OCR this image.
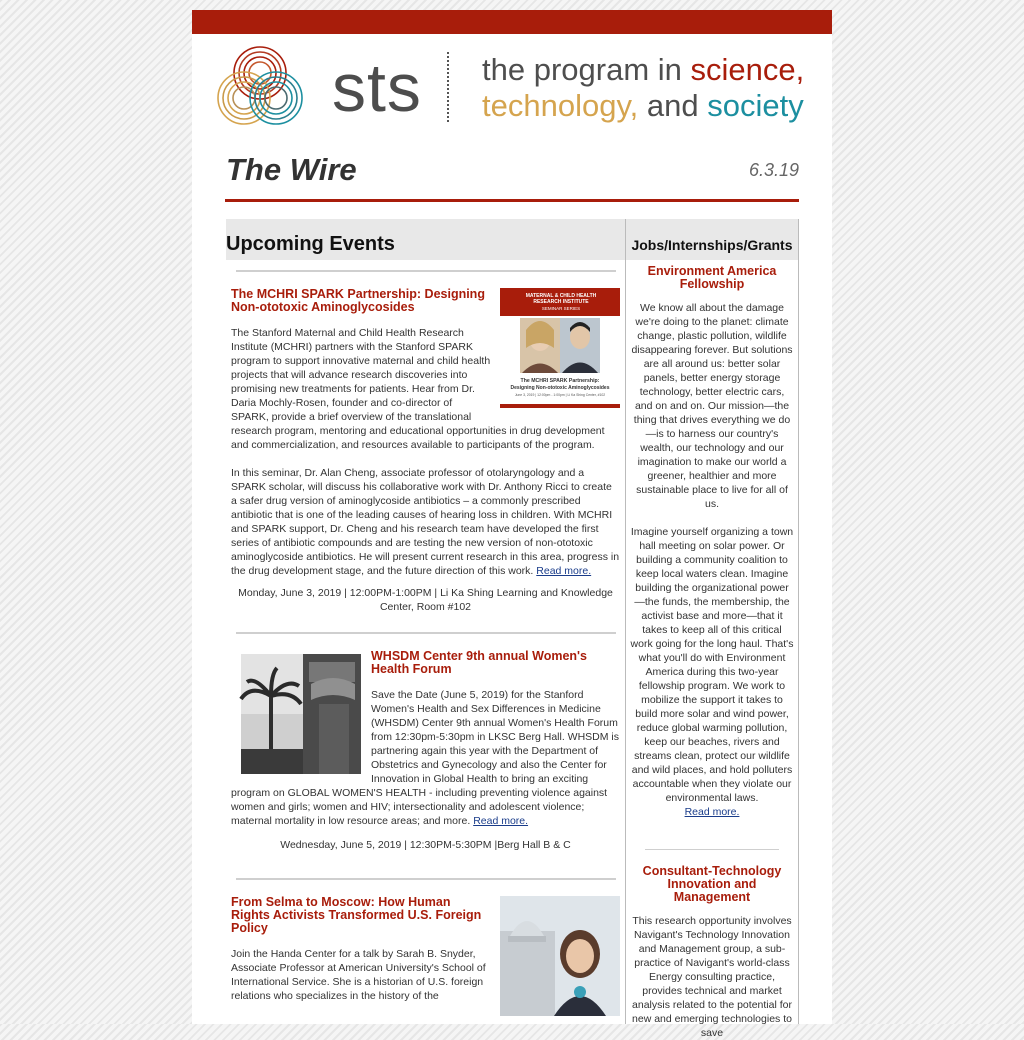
sts the program in science,
technology, and society
The Wire	6.3.19
Upcoming Events
MATERNAL & CHILD HEALTH
RESEARCH INSTITUTE
SEMINAR SERIES
The MCHRI SPARK Partnership:
Designing Non-ototoxic Aminoglycosides
June 3, 2019 | 12:00pm - 1:00pm | Li Ka Shing Center, #102
The MCHRI SPARK Partnership: Designing Non-ototoxic Aminoglycosides

The Stanford Maternal and Child Health Research Institute (MCHRI) partners with the Stanford SPARK program to support innovative maternal and child health projects that will advance research discoveries into promising new treatments for patients. Hear from Dr. Daria Mochly-Rosen, founder and co-director of SPARK, provide a brief overview of the translational research program, mentoring and educational opportunities in drug development and commercialization, and resources available to participants of the program.

In this seminar, Dr. Alan Cheng, associate professor of otolaryngology and a SPARK scholar, will discuss his collaborative work with Dr. Anthony Ricci to create a safer drug version of aminoglycoside antibiotics – a commonly prescribed antibiotic that is one of the leading causes of hearing loss in children. With MCHRI and SPARK support, Dr. Cheng and his research team have developed the first series of antibiotic compounds and are testing the new version of non-ototoxic aminoglycoside antibiotics. He will present current research in this area, progress in the drug development stage, and the future direction of this work. Read more.

Monday, June 3, 2019 | 12:00PM-1:00PM | Li Ka Shing Learning and Knowledge Center, Room #102

WHSDM Center 9th annual Women's Health Forum

Save the Date (June 5, 2019) for the Stanford Women's Health and Sex Differences in Medicine (WHSDM) Center 9th annual Women's Health Forum from 12:30pm-5:30pm in LKSC Berg Hall. WHSDM is partnering again this year with the Department of Obstetrics and Gynecology and also the Center for Innovation in Global Health to bring an exciting program on GLOBAL WOMEN'S HEALTH - including preventing violence against women and girls; women and HIV; intersectionality and adolescent violence; maternal mortality in low resource areas; and more. Read more.

Wednesday, June 5, 2019 | 12:30PM-5:30PM |Berg Hall B & C

From Selma to Moscow: How Human Rights Activists Transformed U.S. Foreign Policy

Join the Handa Center for a talk by Sarah B. Snyder, Associate Professor at American University's School of International Service. She is a historian of U.S. foreign relations who specializes in the history of the

Jobs/Internships/Grants
Environment America Fellowship

We know all about the damage we're doing to the planet: climate change, plastic pollution, wildlife disappearing forever. But solutions are all around us: better solar panels, better energy storage technology, better electric cars, and on and on. Our mission—the thing that drives everything we do—is to harness our country's wealth, our technology and our imagination to make our world a greener, healthier and more sustainable place to live for all of us.

Imagine yourself organizing a town hall meeting on solar power. Or building a community coalition to keep local waters clean. Imagine building the organizational power—the funds, the membership, the activist base and more—that it takes to keep all of this critical work going for the long haul. That's what you'll do with Environment America during this two-year fellowship program. We work to mobilize the support it takes to build more solar and wind power, reduce global warming pollution, keep our beaches, rivers and streams clean, protect our wildlife and wild places, and hold polluters accountable when they violate our environmental laws.

Read more.
Consultant-Technology Innovation and Management

This research opportunity involves Navigant's Technology Innovation and Management group, a sub-practice of Navigant's world-class Energy consulting practice, provides technical and market analysis related to the potential for new and emerging technologies to save
